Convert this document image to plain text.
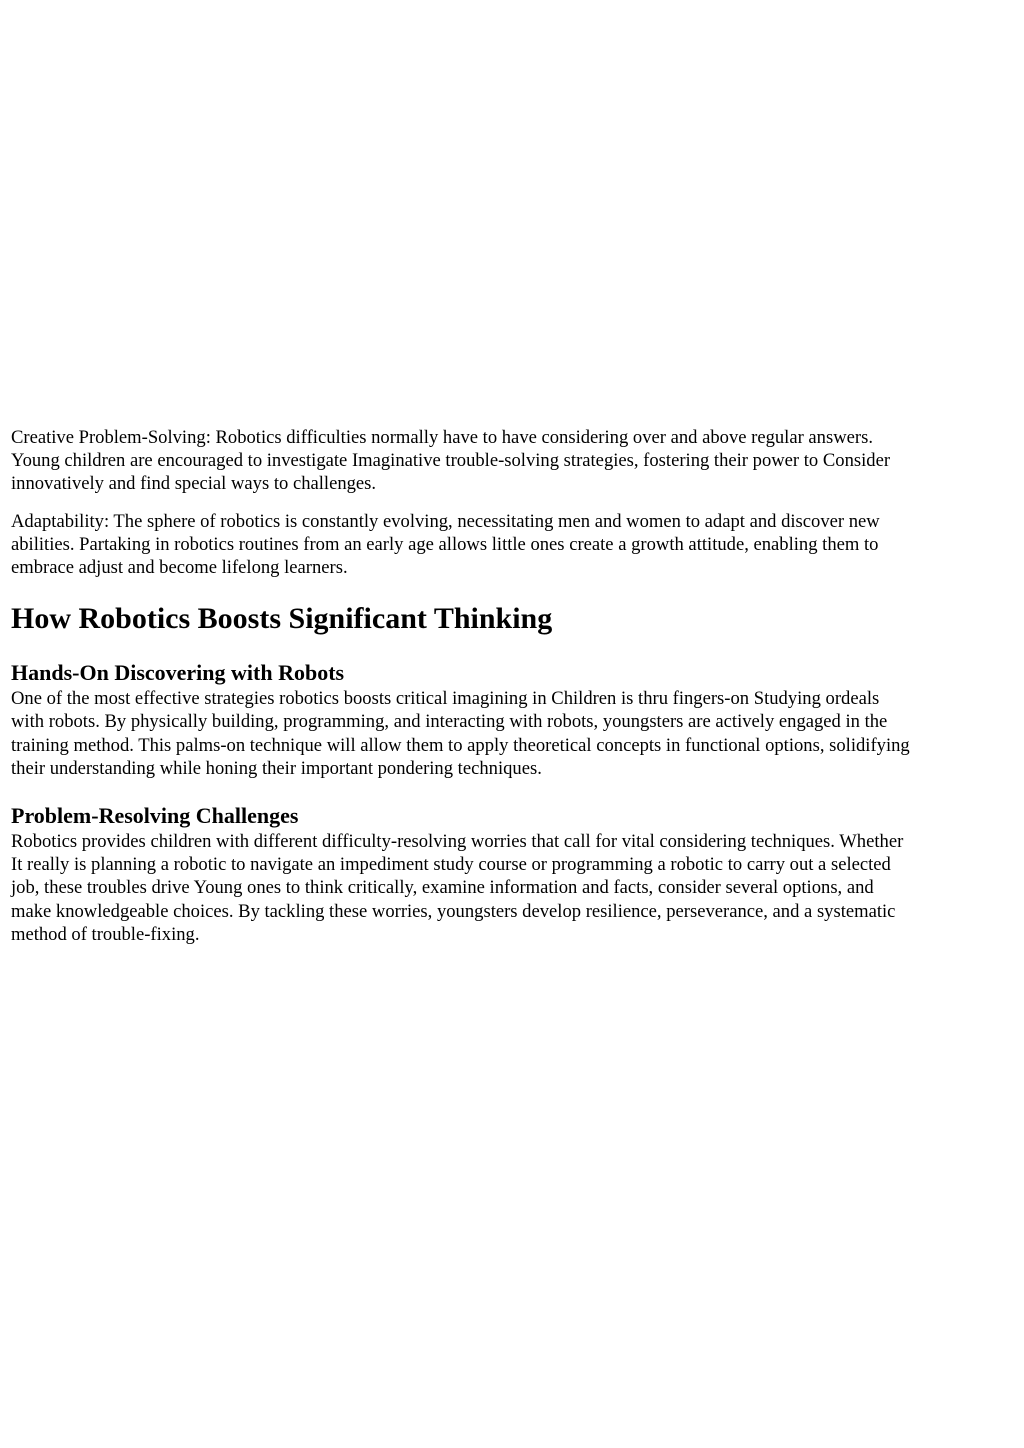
Creative Problem-Solving: Robotics difficulties normally have to have considering over and above regular answers.
Young children are encouraged to investigate Imaginative trouble-solving strategies, fostering their power to Consider
innovatively and find special ways to challenges.

Adaptability: The sphere of robotics is constantly evolving, necessitating men and women to adapt and discover new
abilities. Partaking in robotics routines from an early age allows little ones create a growth attitude, enabling them to
embrace adjust and become lifelong learners.

How Robotics Boosts Significant Thinking
Hands-On Discovering with Robots

One of the most effective strategies robotics boosts critical imagining in Children is thru fingers-on Studying ordeals
with robots. By physically building, programming, and interacting with robots, youngsters are actively engaged in the
training method. This palms-on technique will allow them to apply theoretical concepts in functional options, solidifying
their understanding while honing their important pondering techniques.

Problem-Resolving Challenges

Robotics provides children with different difficulty-resolving worries that call for vital considering techniques. Whether
It really is planning a robotic to navigate an impediment study course or programming a robotic to carry out a selected
job, these troubles drive Young ones to think critically, examine information and facts, consider several options, and
make knowledgeable choices. By tackling these worries, youngsters develop resilience, perseverance, and a systematic
method of trouble-fixing.
